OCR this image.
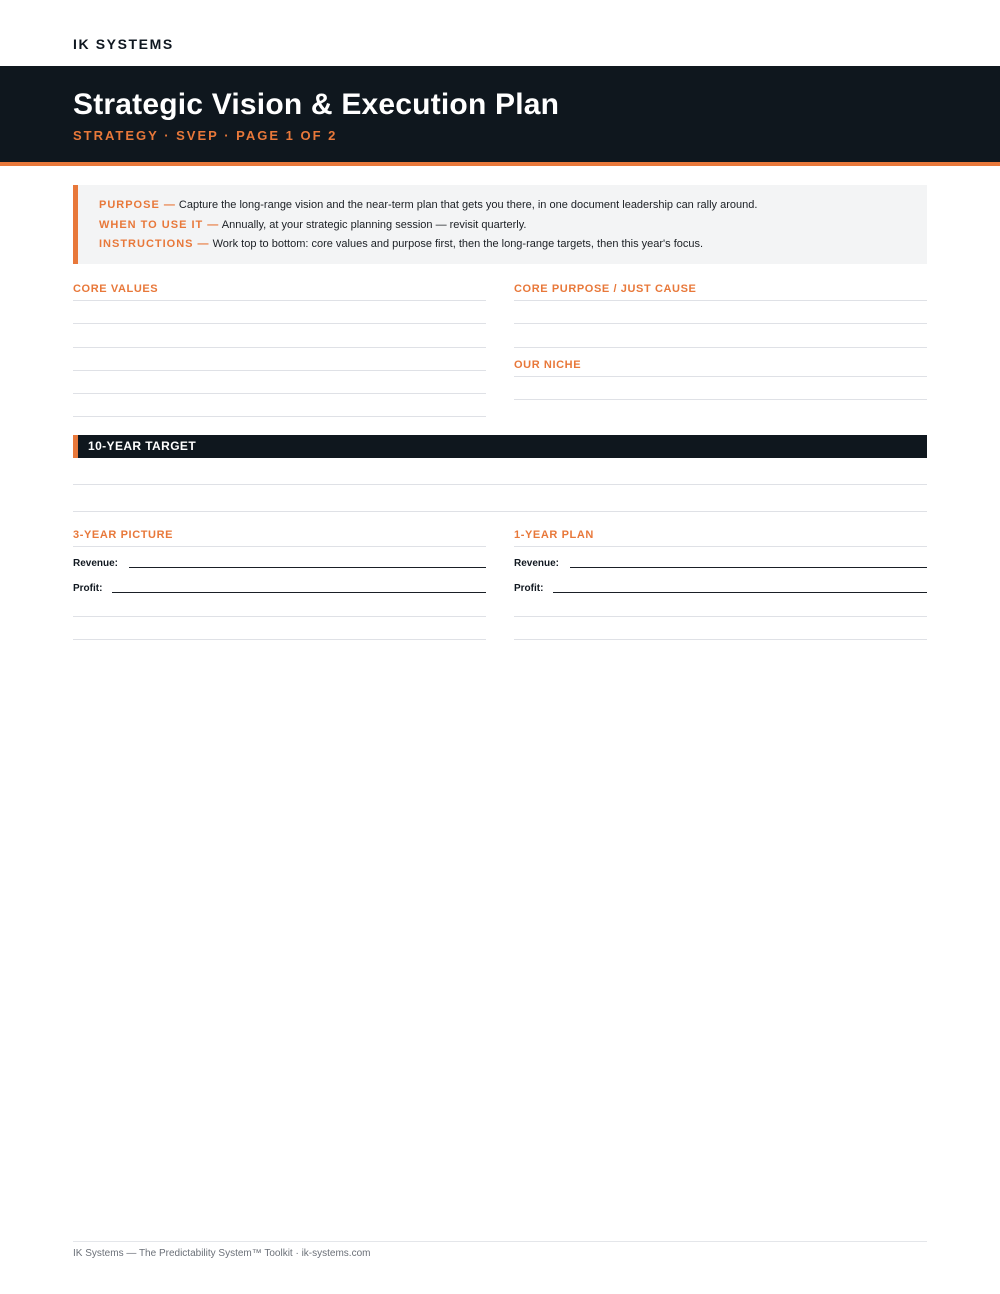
IK SYSTEMS
Strategic Vision & Execution Plan
STRATEGY · SVEP · PAGE 1 OF 2
PURPOSE — Capture the long-range vision and the near-term plan that gets you there, in one document leadership can rally around.
WHEN TO USE IT — Annually, at your strategic planning session — revisit quarterly.
INSTRUCTIONS — Work top to bottom: core values and purpose first, then the long-range targets, then this year's focus.
CORE VALUES	CORE PURPOSE / JUST CAUSE
OUR NICHE
10-YEAR TARGET
3-YEAR PICTURE
Revenue:
Profit:
1-YEAR PLAN
Revenue:
Profit:
IK Systems — The Predictability System™ Toolkit · ik-systems.com
